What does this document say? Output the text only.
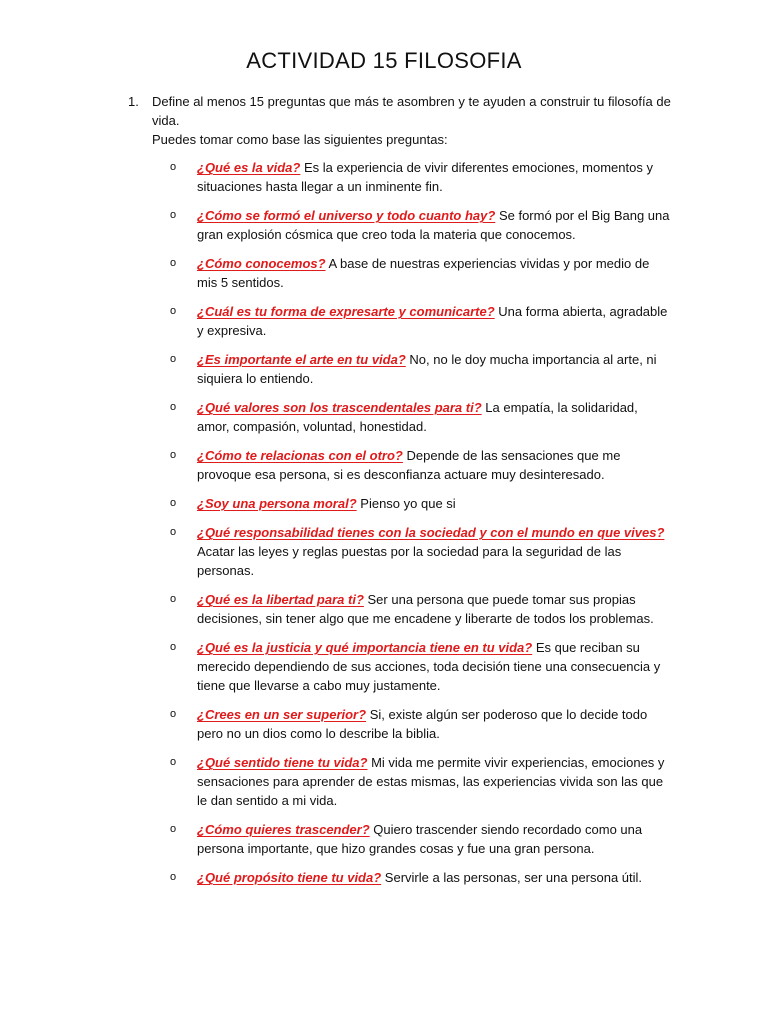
ACTIVIDAD 15 FILOSOFIA
1. Define al menos 15 preguntas que más te asombren y te ayuden a construir tu filosofía de vida.

Puedes tomar como base las siguientes preguntas:

o ¿Qué es la vida? Es la experiencia de vivir diferentes emociones, momentos y situaciones hasta llegar a un inminente fin.
o ¿Cómo se formó el universo y todo cuanto hay? Se formó por el Big Bang una gran explosión cósmica que creo toda la materia que conocemos.
o ¿Cómo conocemos? A base de nuestras experiencias vividas y por medio de mis 5 sentidos.
o ¿Cuál es tu forma de expresarte y comunicarte? Una forma abierta, agradable y expresiva.
o ¿Es importante el arte en tu vida? No, no le doy mucha importancia al arte, ni siquiera lo entiendo.
o ¿Qué valores son los trascendentales para ti? La empatía, la solidaridad, amor, compasión, voluntad, honestidad.
o ¿Cómo te relacionas con el otro? Depende de las sensaciones que me provoque esa persona, si es desconfianza actuare muy desinteresado.
o ¿Soy una persona moral? Pienso yo que si
o ¿Qué responsabilidad tienes con la sociedad y con el mundo en que vives? Acatar las leyes y reglas puestas por la sociedad para la seguridad de las personas.
o ¿Qué es la libertad para ti? Ser una persona que puede tomar sus propias decisiones, sin tener algo que me encadene y liberarte de todos los problemas.
o ¿Qué es la justicia y qué importancia tiene en tu vida? Es que reciban su merecido dependiendo de sus acciones, toda decisión tiene una consecuencia y tiene que llevarse a cabo muy justamente.
o ¿Crees en un ser superior? Si, existe algún ser poderoso que lo decide todo pero no un dios como lo describe la biblia.
o ¿Qué sentido tiene tu vida? Mi vida me permite vivir experiencias, emociones y sensaciones para aprender de estas mismas, las experiencias vivida son las que le dan sentido a mi vida.
o ¿Cómo quieres trascender? Quiero trascender siendo recordado como una persona importante, que hizo grandes cosas y fue una gran persona.
o ¿Qué propósito tiene tu vida? Servirle a las personas, ser una persona útil.
